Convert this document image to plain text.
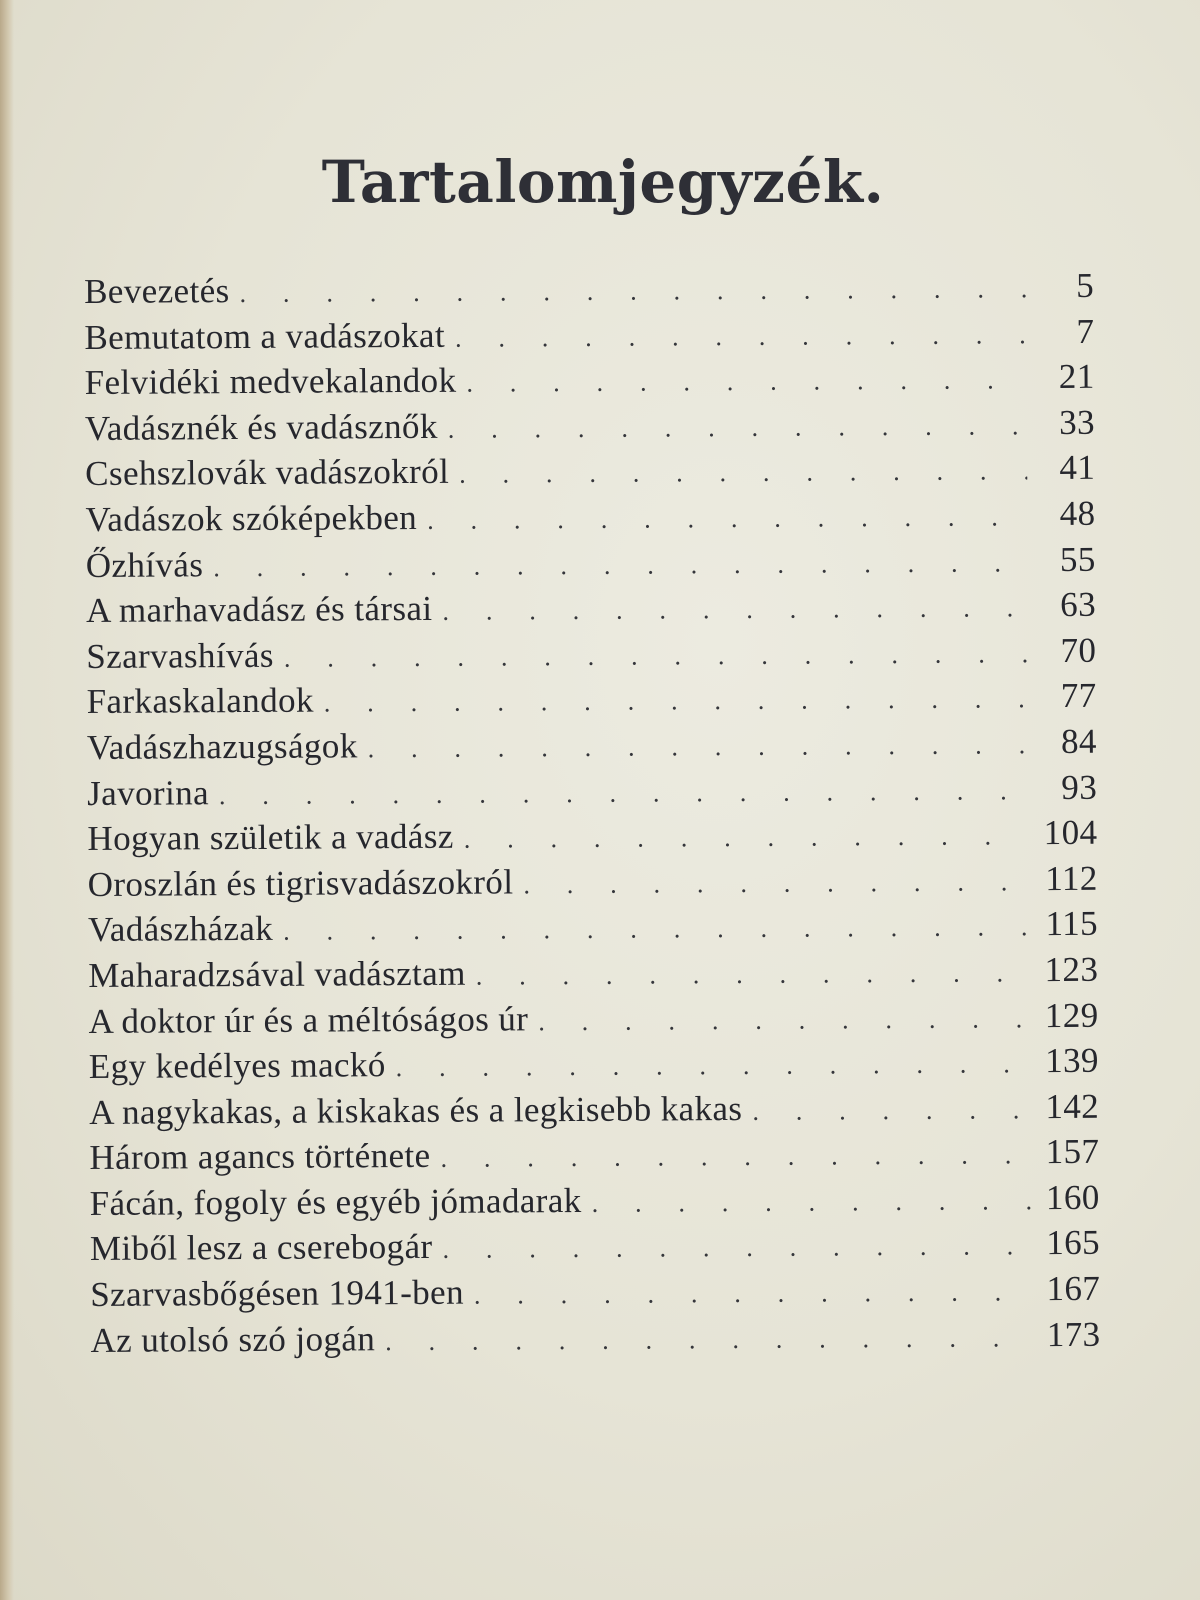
Tartalomjegyzék.
Bevezetés . . .	5
Bemutatom a vadászokat . . .	7
Felvidéki medvekalandok . . .	21
Vadásznék és vadásznők . . .	33
Csehszlovák vadászokról . . .	41
Vadászok szóképekben . . .	48
Őzhívás . . .	55
A marhavadász és társai . . .	63
Szarvashívás . . .	70
Farkaskalandok . . .	77
Vadászhazugságok . . .	84
Javorina . . .	93
Hogyan születik a vadász . . .	104
Oroszlán és tigrisvadászokról . . .	112
Vadászházak . . .	115
Maharadzsával vadásztam . . .	123
A doktor úr és a méltóságos úr . . .	129
Egy kedélyes mackó . . .	139
A nagykakas, a kiskakas és a legkisebb kakas . . .	142
Három agancs története . . .	157
Fácán, fogoly és egyéb jómadarak . . .	160
Miből lesz a cserebogár . . .	165
Szarvasbőgésen 1941-ben . . .	167
Az utolsó szó jogán . . .	173
